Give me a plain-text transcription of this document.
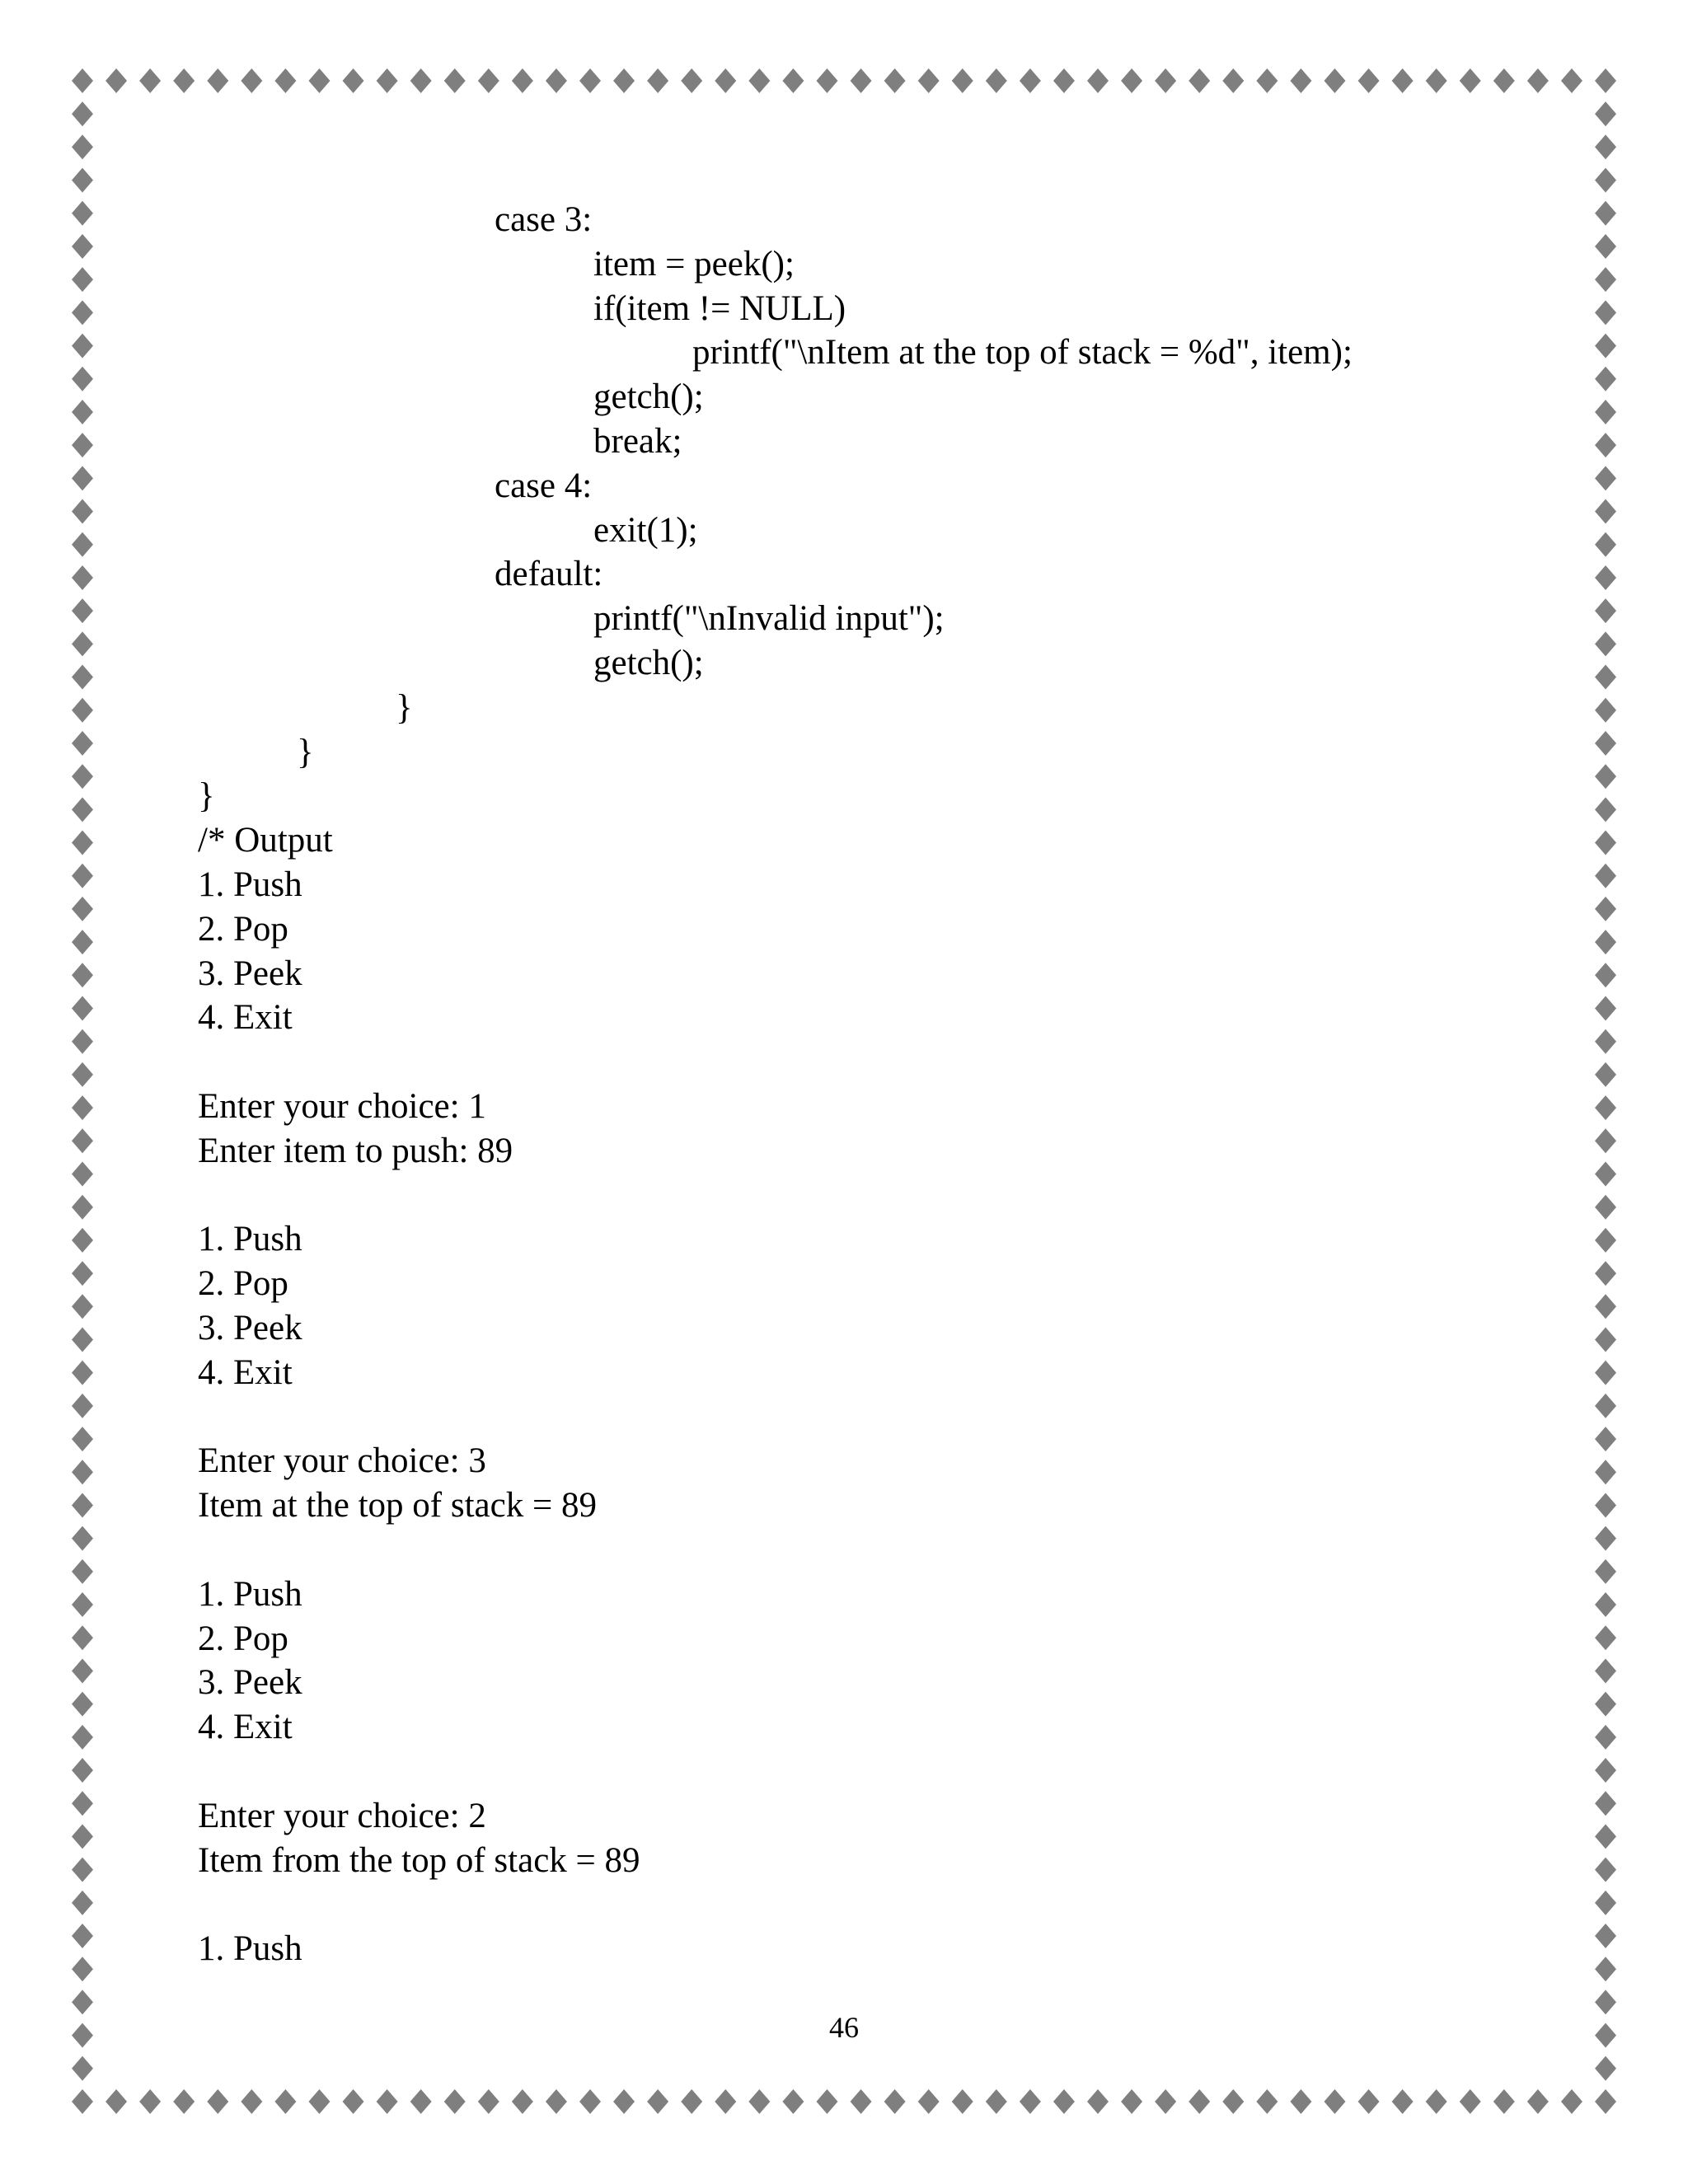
case 3:
item = peek();
if(item != NULL)
printf("\nItem at the top of stack = %d", item);
getch();
break;
case 4:
exit(1);
default:
printf("\nInvalid input");
getch();
}
}
}
/* Output
1. Push
2. Pop
3. Peek
4. Exit
Enter your choice: 1
Enter item to push: 89
1. Push
2. Pop
3. Peek
4. Exit
Enter your choice: 3
Item at the top of stack = 89
1. Push
2. Pop
3. Peek
4. Exit
Enter your choice: 2
Item from the top of stack = 89
1. Push
46
